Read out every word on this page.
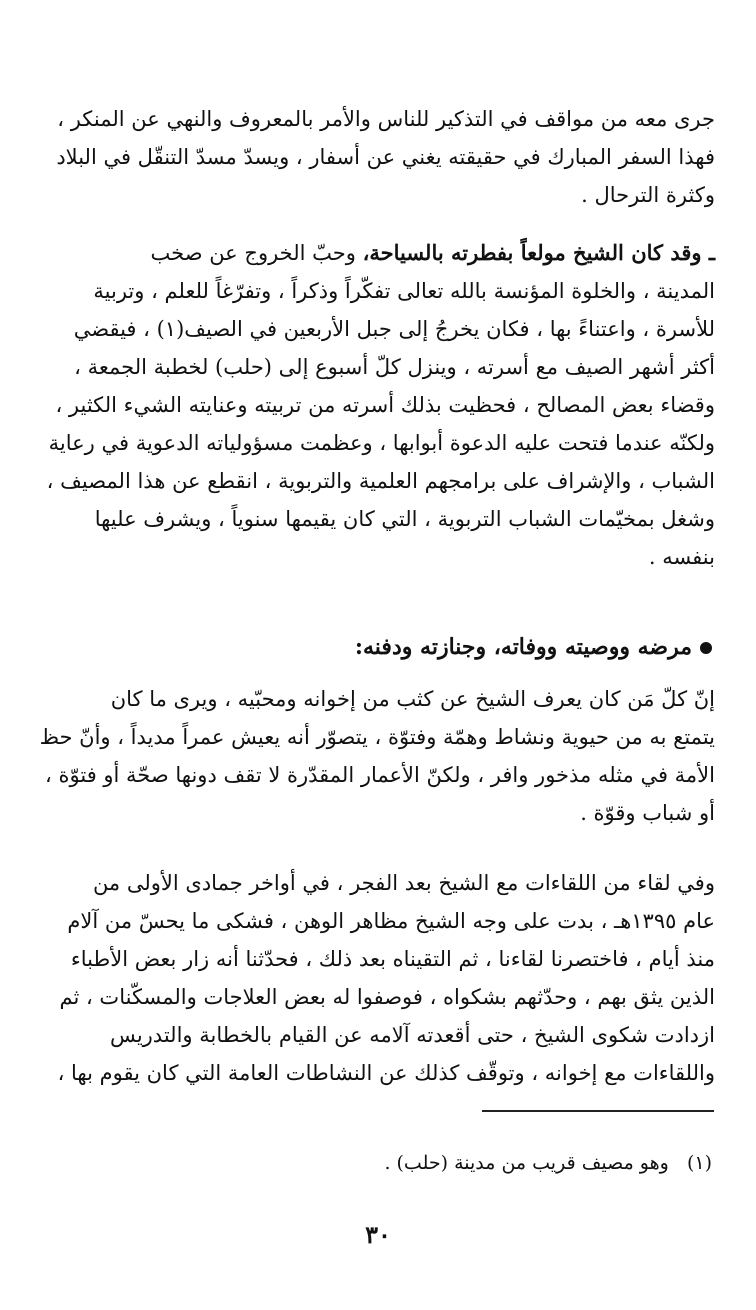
جرى معه من مواقف في التذكير للناس والأمر بالمعروف والنهي عن المنكر ،
فهذا السفر المبارك في حقيقته يغني عن أسفار ، ويسدّ مسدّ التنقّل في البلاد
وكثرة الترحال .
ـ وقد كان الشيخ مولعاً بفطرته بالسياحة، وحبّ الخروج عن صخب
المدينة ، والخلوة المؤنسة بالله تعالى تفكّراً وذكراً ، وتفرّغاً للعلم ، وتربية
للأسرة ، واعتناءً بها ، فكان يخرجُ إلى جبل الأربعين في الصيف(١) ، فيقضي
أكثر أشهر الصيف مع أسرته ، وينزل كلّ أسبوع إلى (حلب) لخطبة الجمعة ،
وقضاء بعض المصالح ، فحظيت بذلك أسرته من تربيته وعنايته الشيء الكثير ،
ولكنّه عندما فتحت عليه الدعوة أبوابها ، وعظمت مسؤولياته الدعوية في رعاية
الشباب ، والإشراف على برامجهم العلمية والتربوية ، انقطع عن هذا المصيف ،
وشغل بمخيّمات الشباب التربوية ، التي كان يقيمها سنوياً ، ويشرف عليها
بنفسه .
مرضه ووصيته ووفاته، وجنازته ودفنه:
إنّ كلّ مَن كان يعرف الشيخ عن كثب من إخوانه ومحبّيه ، ويرى ما كان
يتمتع به من حيوية ونشاط وهمّة وفتوّة ، يتصوّر أنه يعيش عمراً مديداً ، وأنّ حظ
الأمة في مثله مذخور وافر ، ولكنّ الأعمار المقدّرة لا تقف دونها صحّة أو فتوّة ،
أو شباب وقوّة .
وفي لقاء من اللقاءات مع الشيخ بعد الفجر ، في أواخر جمادى الأولى من
عام ١٣٩٥هـ ، بدت على وجه الشيخ مظاهر الوهن ، فشكى ما يحسّ من آلام
منذ أيام ، فاختصرنا لقاءنا ، ثم التقيناه بعد ذلك ، فحدّثنا أنه زار بعض الأطباء
الذين يثق بهم ، وحدّثهم بشكواه ، فوصفوا له بعض العلاجات والمسكّنات ، ثم
ازدادت شكوى الشيخ ، حتى أقعدته آلامه عن القيام بالخطابة والتدريس
واللقاءات مع إخوانه ، وتوقّف كذلك عن النشاطات العامة التي كان يقوم بها ،
(١)   وهو مصيف قريب من مدينة (حلب) .
٣٠
